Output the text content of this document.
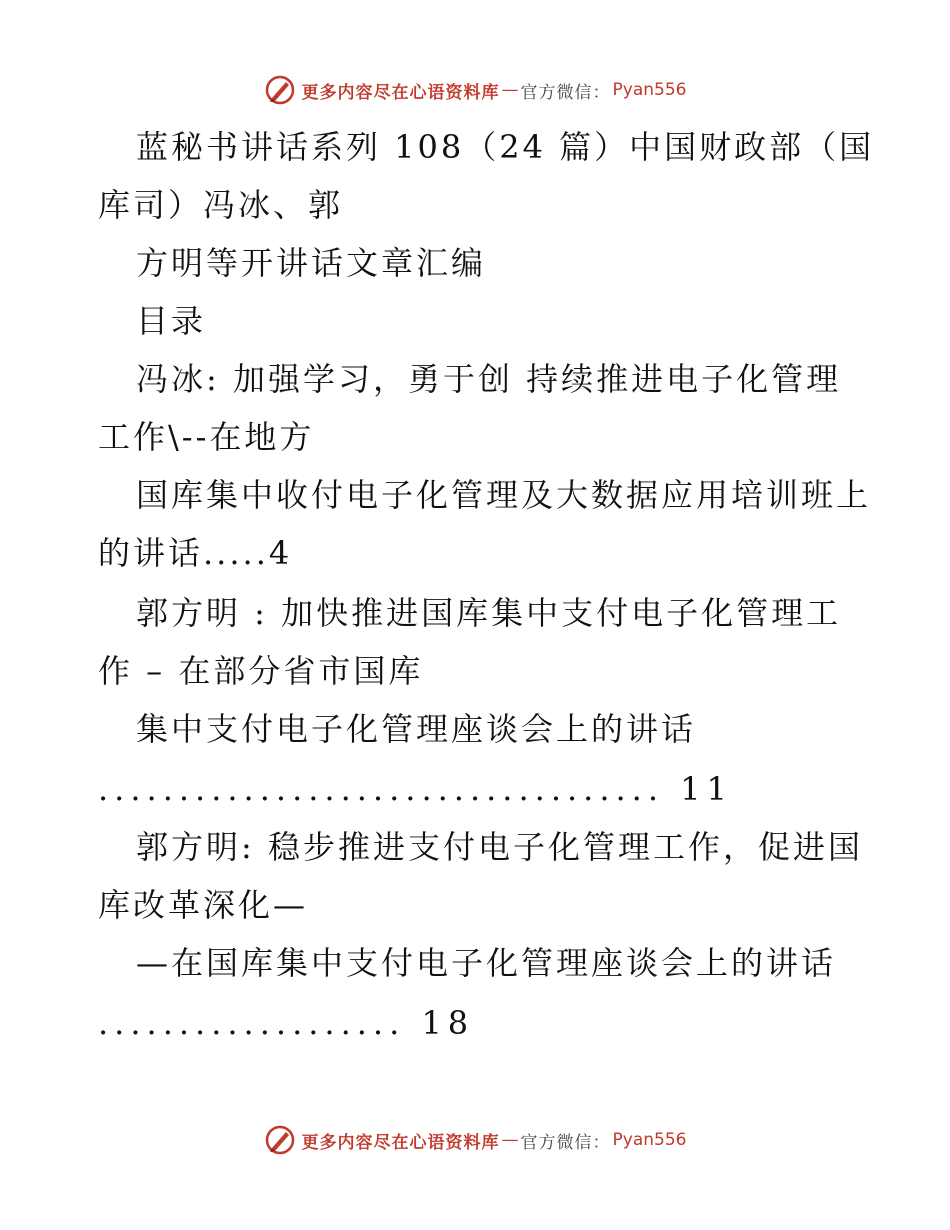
更多内容尽在心语资料库 — 官方微信： Pyan556
蓝秘书讲话系列 108（24 篇）中国财政部（国
库司）冯冰、郭
方明等开讲话文章汇编
目录
冯冰: 加强学习，勇于创 持续推进电子化管理
工作\--在地方
国库集中收付电子化管理及大数据应用培训班上
的讲话.....4
郭方明 : 加快推进国库集中支付电子化管理工
作 – 在部分省市国库
集中支付电子化管理座谈会上的讲话
................................... 11
郭方明: 稳步推进支付电子化管理工作，促进国
库改革深化—
—在国库集中支付电子化管理座谈会上的讲话
................... 18
更多内容尽在心语资料库 — 官方微信： Pyan556
